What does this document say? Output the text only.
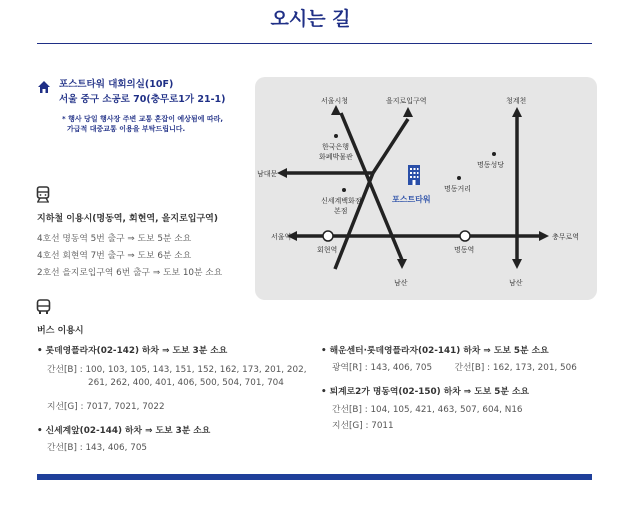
오시는 길
포스트타워 대회의실(10F)
서울 중구 소공로 70(충무로1가 21-1)
* 행사 당일 행사장 주변 교통 혼잡이 예상됨에 따라,
가급적 대중교통 이용을 부탁드립니다.
지하철 이용시(명동역, 회현역, 을지로입구역)
4호선 명동역 5번 출구 ⇒ 도보 5분 소요
4호선 회현역 7번 출구 ⇒ 도보 6분 소요
2호선 을지로입구역 6번 출구 ⇒ 도보 10분 소요
버스 이용시
• 롯데영플라자(02-142) 하차 ⇒ 도보 3분 소요
간선[B] : 100, 103, 105, 143, 151, 152, 162, 173, 201, 202,
261, 262, 400, 401, 406, 500, 504, 701, 704
지선[G] : 7017, 7021, 7022
• 신세계앞(02-144) 하차 ⇒ 도보 3분 소요
간선[B] : 143, 406, 705
• 해운센터·롯데영플라자(02-141) 하차 ⇒ 도보 5분 소요
광역[R] : 143, 406, 705        간선[B] : 162, 173, 201, 506
• 퇴계로2가 명동역(02-150) 하차 ⇒ 도보 5분 소요
간선[B] : 104, 105, 421, 463, 507, 604, N16
지선[G] : 7011
서울시청	을지로입구역	청계천
한국은행
화폐박물관
명동성당
남대문
명동거리
신세계백화점
본점
서울역	충무로역
회현역	명동역
남산	남산
포스트타워
